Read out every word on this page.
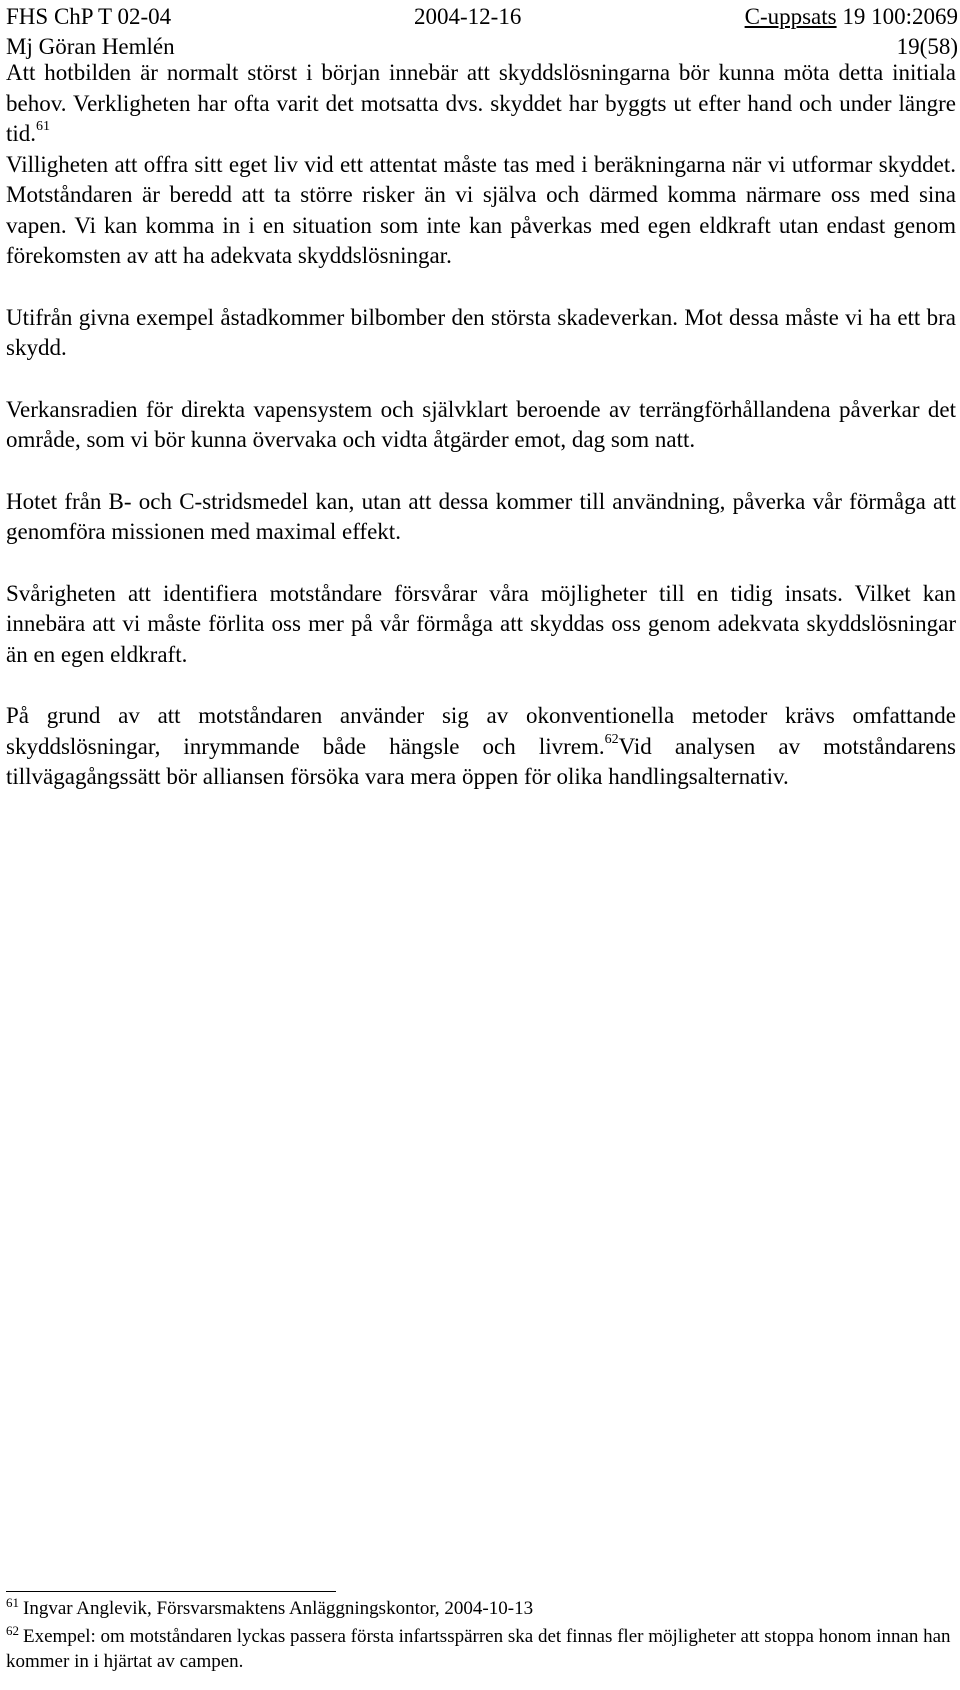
FHS ChP T 02-04	2004-12-16	C-uppsats 19 100:2069
Mj Göran Hemlén	19(58)

Att hotbilden är normalt störst i början innebär att skyddslösningarna bör kunna möta detta initiala behov. Verkligheten har ofta varit det motsatta dvs. skyddet har byggts ut efter hand och under längre tid.$^{61}$
Villigheten att offra sitt eget liv vid ett attentat måste tas med i beräkningarna när vi utformar skyddet. Motståndaren är beredd att ta större risker än vi själva och därmed komma närmare oss med sina vapen. Vi kan komma in i en situation som inte kan påverkas med egen eldkraft utan endast genom förekomsten av att ha adekvata skyddslösningar.

Utifrån givna exempel åstadkommer bilbomber den största skadeverkan. Mot dessa måste vi ha ett bra skydd.

Verkansradien för direkta vapensystem och självklart beroende av terrängförhållandena påverkar det område, som vi bör kunna övervaka och vidta åtgärder emot, dag som natt.

Hotet från B- och C-stridsmedel kan, utan att dessa kommer till användning, påverka vår förmåga att genomföra missionen med maximal effekt.

Svårigheten att identifiera motståndare försvårar våra möjligheter till en tidig insats. Vilket kan innebära att vi måste förlita oss mer på vår förmåga att skyddas oss genom adekvata skyddslösningar än en egen eldkraft.

På grund av att motståndaren använder sig av okonventionella metoder krävs omfattande skyddslösningar, inrymmande både hängsle och livrem.$^{62}$Vid analysen av motståndarens tillvägagångssätt bör alliansen försöka vara mera öppen för olika handlingsalternativ.

$^{61}$ Ingvar Anglevik, Försvarsmaktens Anläggningskontor, 2004-10-13
$^{62}$ Exempel: om motståndaren lyckas passera första infartsspärren ska det finnas fler möjligheter att stoppa honom innan han kommer in i hjärtat av campen.
